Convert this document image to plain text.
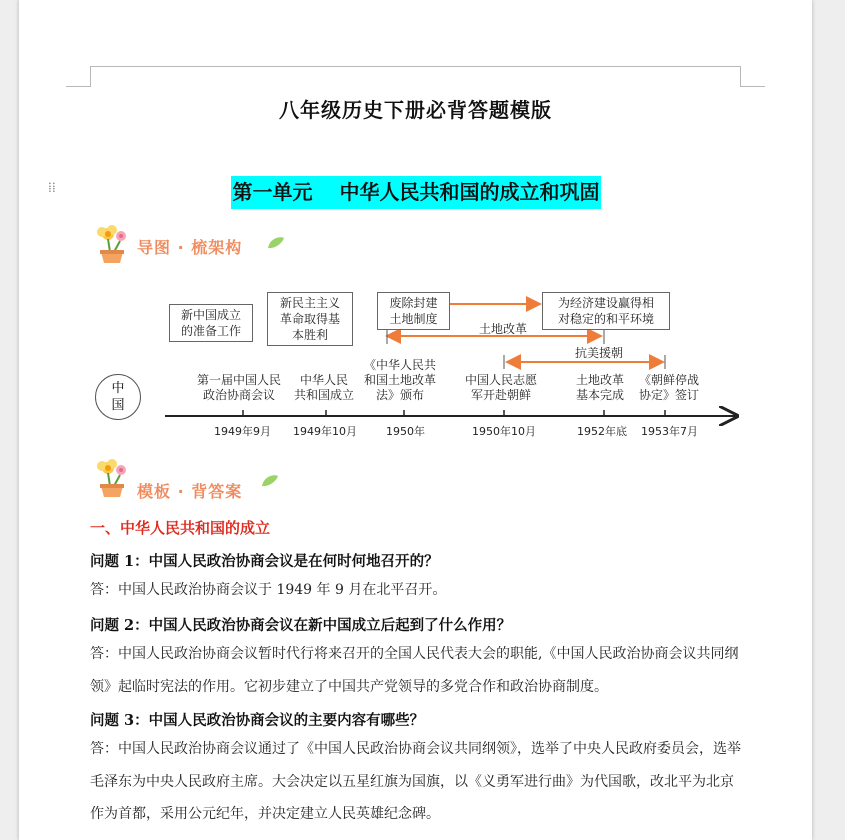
八年级历史下册必背答题模版
⁞⁞	第一单元　 中华人民共和国的成立和巩固
导图 · 梳架构
新中国成立
的准备工作
新民主主义
革命取得基
本胜利
废除封建
土地制度
为经济建设赢得相
对稳定的和平环境
土地改革
抗美援朝
中
国
第一届中国人民
政治协商会议
中华人民
共和国成立
《中华人民共
和国土地改革
法》颁布
中国人民志愿
军开赴朝鲜
土地改革
基本完成
《朝鲜停战
协定》签订
1949年9月 1949年10月	1950年	1950年10月	1952年底 1953年7月
模板 · 背答案
一、中华人民共和国的成立
问题 1：中国人民政治协商会议是在何时何地召开的？
答：中国人民政治协商会议于 1949 年 9 月在北平召开。
问题 2：中国人民政治协商会议在新中国成立后起到了什么作用？
答：中国人民政治协商会议暂时代行将来召开的全国人民代表大会的职能,《中国人民政治协商会议共同纲领》起临时宪法的作用。它初步建立了中国共产党领导的多党合作和政治协商制度。
问题 3：中国人民政治协商会议的主要内容有哪些？
答：中国人民政治协商会议通过了《中国人民政治协商会议共同纲领》，选举了中央人民政府委员会，选举毛泽东为中央人民政府主席。大会决定以五星红旗为国旗，以《义勇军进行曲》为代国歌，改北平为北京作为首都，采用公元纪年，并决定建立人民英雄纪念碑。
